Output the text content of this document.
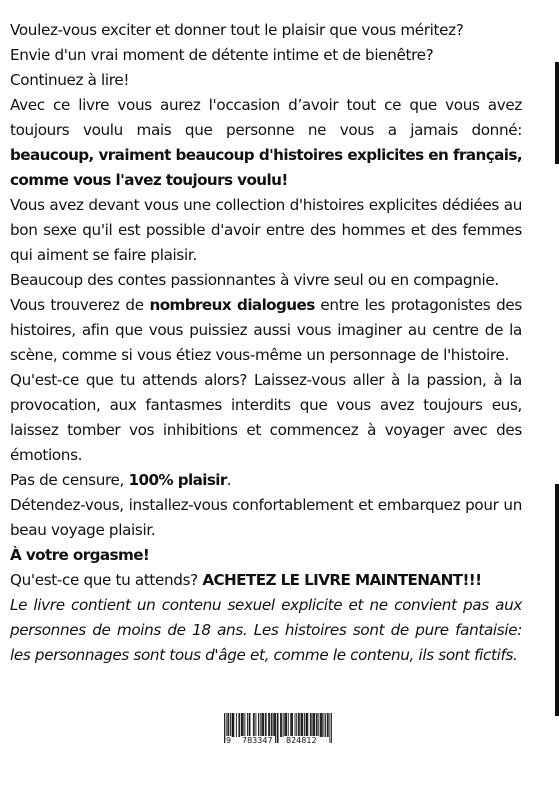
Voulez-vous exciter et donner tout le plaisir que vous méritez?

Envie d'un vrai moment de détente intime et de bienêtre?

Continuez à lire!

Avec ce livre vous aurez l'occasion d’avoir tout ce que vous avez toujours voulu mais que personne ne vous a jamais donné: beaucoup, vraiment beaucoup d'histoires explicites en français, comme vous l'avez toujours voulu!

Vous avez devant vous une collection d'histoires explicites dédiées au bon sexe qu'il est possible d'avoir entre des hommes et des femmes qui aiment se faire plaisir.

Beaucoup des contes passionnantes à vivre seul ou en compagnie.

Vous trouverez de nombreux dialogues entre les protagonistes des histoires, afin que vous puissiez aussi vous imaginer au centre de la scène, comme si vous étiez vous-même un personnage de l'histoire.

Qu'est-ce que tu attends alors? Laissez-vous aller à la passion, à la provocation, aux fantasmes interdits que vous avez toujours eus, laissez tomber vos inhibitions et commencez à voyager avec des émotions.

Pas de censure, 100% plaisir.

Détendez-vous, installez-vous confortablement et embarquez pour un beau voyage plaisir.

À votre orgasme!

Qu'est-ce que tu attends? ACHETEZ LE LIVRE MAINTENANT!!!

Le livre contient un contenu sexuel explicite et ne convient pas aux personnes de moins de 18 ans. Les histoires sont de pure fantaisie: les personnages sont tous d'âge et, comme le contenu, ils sont fictifs.

9 783347 824812
